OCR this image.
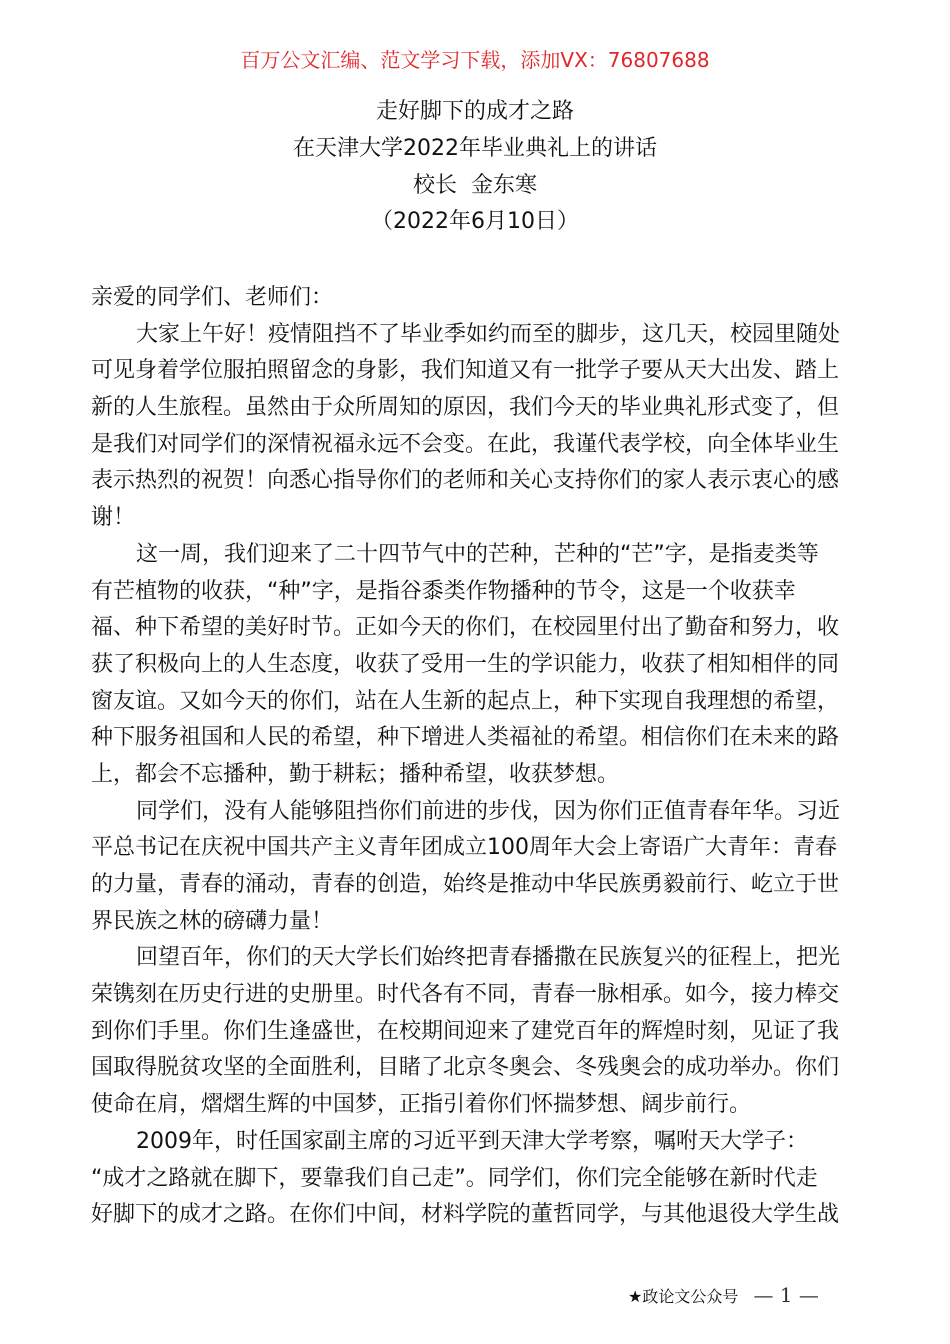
百万公文汇编、范文学习下载，添加VX：76807688
走好脚下的成才之路
在天津大学2022年毕业典礼上的讲话
校长  金东寒
（2022年6月10日）
亲爱的同学们、老师们：
大家上午好！疫情阻挡不了毕业季如约而至的脚步，这几天，校园里随处
可见身着学位服拍照留念的身影，我们知道又有一批学子要从天大出发、踏上
新的人生旅程。虽然由于众所周知的原因，我们今天的毕业典礼形式变了，但
是我们对同学们的深情祝福永远不会变。在此，我谨代表学校，向全体毕业生
表示热烈的祝贺！向悉心指导你们的老师和关心支持你们的家人表示衷心的感
谢！
这一周，我们迎来了二十四节气中的芒种，芒种的“芒”字，是指麦类等
有芒植物的收获，“种”字，是指谷黍类作物播种的节令，这是一个收获幸
福、种下希望的美好时节。正如今天的你们，在校园里付出了勤奋和努力，收
获了积极向上的人生态度，收获了受用一生的学识能力，收获了相知相伴的同
窗友谊。又如今天的你们，站在人生新的起点上，种下实现自我理想的希望，
种下服务祖国和人民的希望，种下增进人类福祉的希望。相信你们在未来的路
上，都会不忘播种，勤于耕耘；播种希望，收获梦想。
同学们，没有人能够阻挡你们前进的步伐，因为你们正值青春年华。习近
平总书记在庆祝中国共产主义青年团成立100周年大会上寄语广大青年：青春
的力量，青春的涌动，青春的创造，始终是推动中华民族勇毅前行、屹立于世
界民族之林的磅礴力量！
回望百年，你们的天大学长们始终把青春播撒在民族复兴的征程上，把光
荣镌刻在历史行进的史册里。时代各有不同，青春一脉相承。如今，接力棒交
到你们手里。你们生逢盛世，在校期间迎来了建党百年的辉煌时刻，见证了我
国取得脱贫攻坚的全面胜利，目睹了北京冬奥会、冬残奥会的成功举办。你们
使命在肩，熠熠生辉的中国梦，正指引着你们怀揣梦想、阔步前行。
2009年，时任国家副主席的习近平到天津大学考察，嘱咐天大学子：
“成才之路就在脚下，要靠我们自己走”。同学们，你们完全能够在新时代走
好脚下的成才之路。在你们中间，材料学院的董哲同学，与其他退役大学生战
★政论文公众号 — 1 —
